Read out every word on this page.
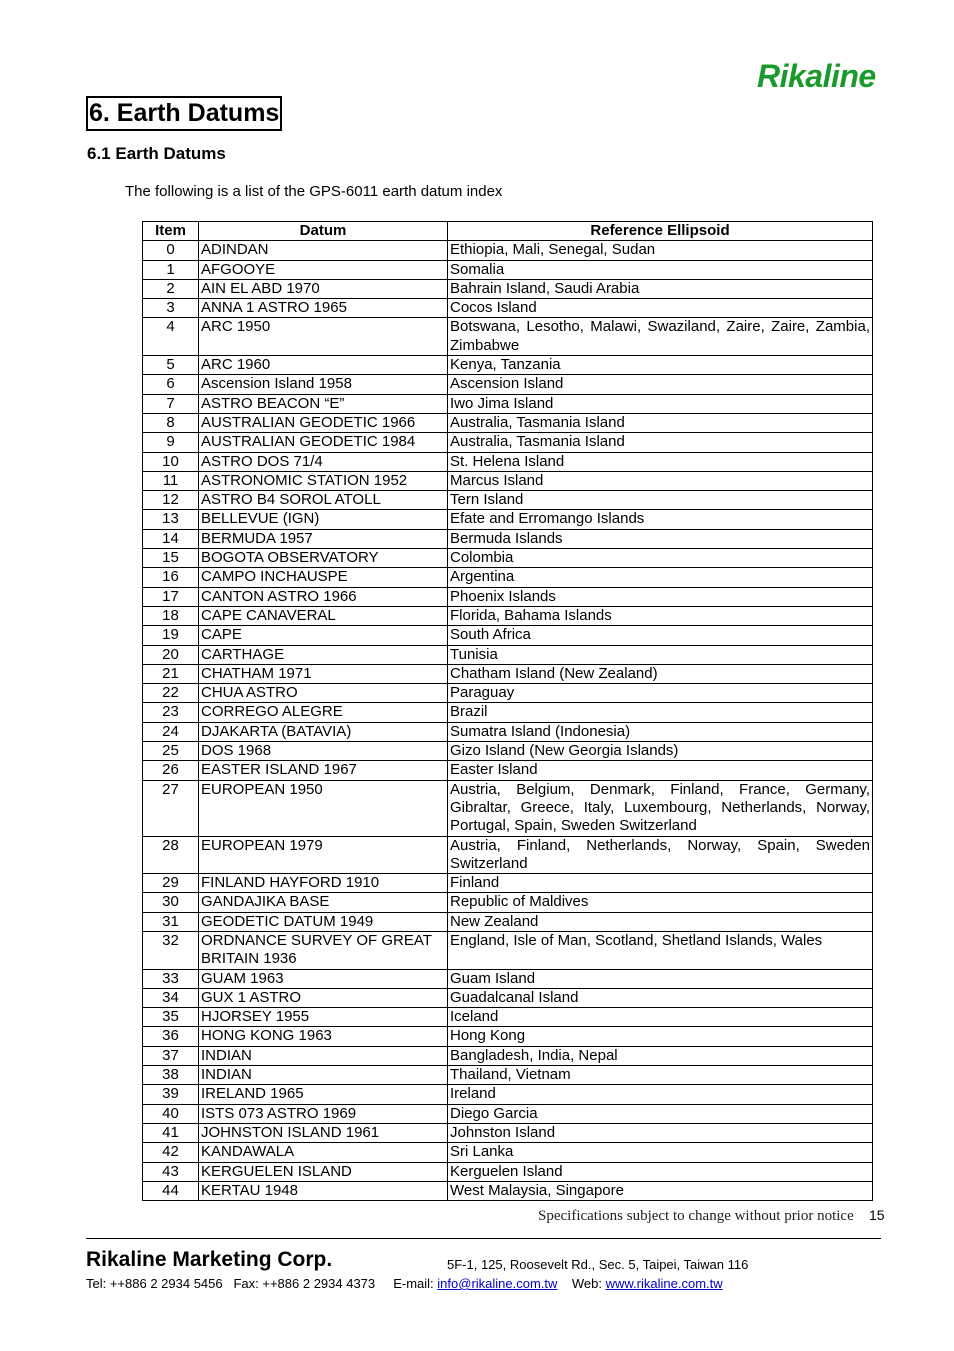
Rikaline
6. Earth Datums
6.1 Earth Datums
The following is a list of the GPS-6011 earth datum index
Item	Datum	Reference Ellipsoid
0	ADINDAN	Ethiopia, Mali, Senegal, Sudan
1	AFGOOYE	Somalia
2	AIN EL ABD 1970	Bahrain Island, Saudi Arabia
3	ANNA 1 ASTRO 1965	Cocos Island
4	ARC 1950	Botswana, Lesotho, Malawi, Swaziland, Zaire, Zaire, Zambia, Zimbabwe
5	ARC 1960	Kenya, Tanzania
6	Ascension Island 1958	Ascension Island
7	ASTRO BEACON “E”	Iwo Jima Island
8	AUSTRALIAN GEODETIC 1966	Australia, Tasmania Island
9	AUSTRALIAN GEODETIC 1984	Australia, Tasmania Island
10	ASTRO DOS 71/4	St. Helena Island
11	ASTRONOMIC STATION 1952	Marcus Island
12	ASTRO B4 SOROL ATOLL	Tern Island
13	BELLEVUE (IGN)	Efate and Erromango Islands
14	BERMUDA 1957	Bermuda Islands
15	BOGOTA OBSERVATORY	Colombia
16	CAMPO INCHAUSPE	Argentina
17	CANTON ASTRO 1966	Phoenix Islands
18	CAPE CANAVERAL	Florida, Bahama Islands
19	CAPE	South Africa
20	CARTHAGE	Tunisia
21	CHATHAM 1971	Chatham Island (New Zealand)
22	CHUA ASTRO	Paraguay
23	CORREGO ALEGRE	Brazil
24	DJAKARTA (BATAVIA)	Sumatra Island (Indonesia)
25	DOS 1968	Gizo Island (New Georgia Islands)
26	EASTER ISLAND 1967	Easter Island
27	EUROPEAN 1950	Austria, Belgium, Denmark, Finland, France, Germany, Gibraltar, Greece, Italy, Luxembourg, Netherlands, Norway, Portugal, Spain, Sweden Switzerland
28	EUROPEAN 1979	Austria, Finland, Netherlands, Norway, Spain, Sweden Switzerland
29	FINLAND HAYFORD 1910	Finland
30	GANDAJIKA BASE	Republic of Maldives
31	GEODETIC DATUM 1949	New Zealand
32	ORDNANCE SURVEY OF GREAT BRITAIN 1936	England, Isle of Man, Scotland, Shetland Islands, Wales
33	GUAM 1963	Guam Island
34	GUX 1 ASTRO	Guadalcanal Island
35	HJORSEY 1955	Iceland
36	HONG KONG 1963	Hong Kong
37	INDIAN	Bangladesh, India, Nepal
38	INDIAN	Thailand, Vietnam
39	IRELAND 1965	Ireland
40	ISTS 073 ASTRO 1969	Diego Garcia
41	JOHNSTON ISLAND 1961	Johnston Island
42	KANDAWALA	Sri Lanka
43	KERGUELEN ISLAND	Kerguelen Island
44	KERTAU 1948	West Malaysia, Singapore
Specifications subject to change without prior notice 15
Rikaline Marketing Corp.	5F-1, 125, Roosevelt Rd., Sec. 5, Taipei, Taiwan 116
Tel: ++886 2 2934 5456 Fax: ++886 2 2934 4373 E-mail: info@rikaline.com.tw Web: www.rikaline.com.tw
